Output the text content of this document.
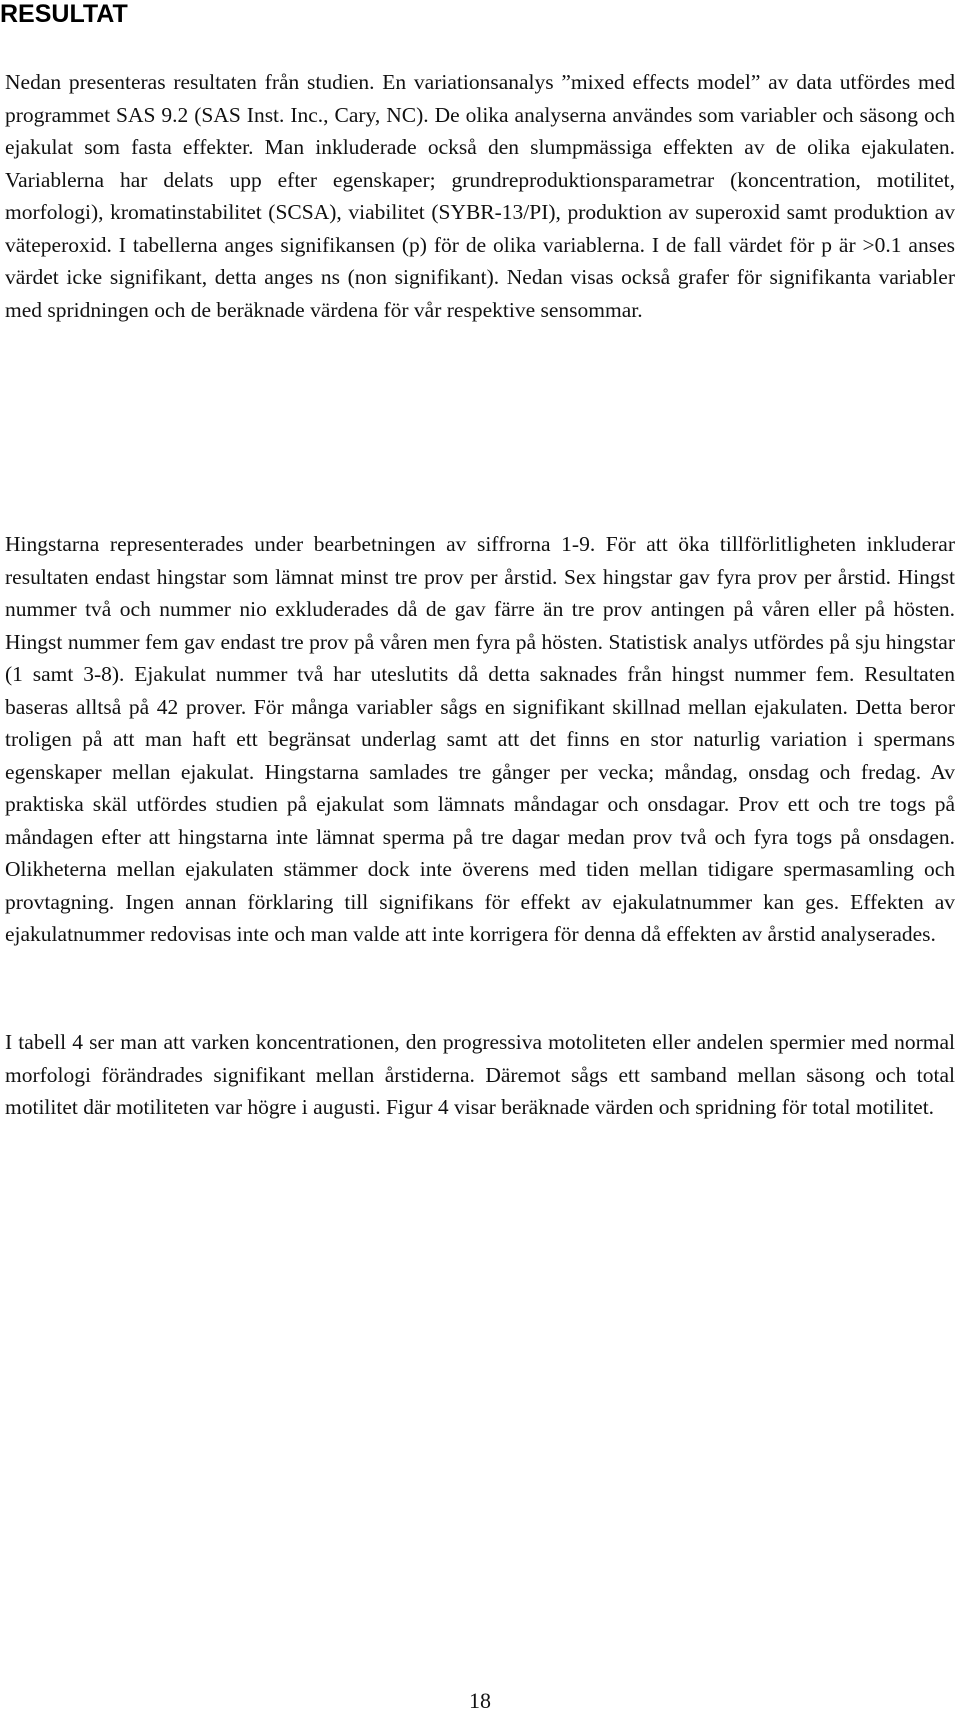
RESULTAT

Nedan presenteras resultaten från studien. En variationsanalys ”mixed effects model” av data utfördes med programmet SAS 9.2 (SAS Inst. Inc., Cary, NC). De olika analyserna användes som variabler och säsong och ejakulat som fasta effekter. Man inkluderade också den slumpmässiga effekten av de olika ejakulaten. Variablerna har delats upp efter egenskaper; grundreproduktionsparametrar (koncentration, motilitet, morfologi), kromatinstabilitet (SCSA), viabilitet (SYBR-13/PI), produktion av superoxid samt produktion av väteperoxid. I tabellerna anges signifikansen (p) för de olika variablerna. I de fall värdet för p är >0.1 anses värdet icke signifikant, detta anges ns (non signifikant). Nedan visas också grafer för signifikanta variabler med spridningen och de beräknade värdena för vår respektive sensommar.

Hingstarna representerades under bearbetningen av siffrorna 1-9. För att öka tillförlitligheten inkluderar resultaten endast hingstar som lämnat minst tre prov per årstid. Sex hingstar gav fyra prov per årstid. Hingst nummer två och nummer nio exkluderades då de gav färre än tre prov antingen på våren eller på hösten. Hingst nummer fem gav endast tre prov på våren men fyra på hösten. Statistisk analys utfördes på sju hingstar (1 samt 3-8). Ejakulat nummer två har uteslutits då detta saknades från hingst nummer fem. Resultaten baseras alltså på 42 prover. För många variabler sågs en signifikant skillnad mellan ejakulaten. Detta beror troligen på att man haft ett begränsat underlag samt att det finns en stor naturlig variation i spermans egenskaper mellan ejakulat. Hingstarna samlades tre gånger per vecka; måndag, onsdag och fredag. Av praktiska skäl utfördes studien på ejakulat som lämnats måndagar och onsdagar. Prov ett och tre togs på måndagen efter att hingstarna inte lämnat sperma på tre dagar medan prov två och fyra togs på onsdagen. Olikheterna mellan ejakulaten stämmer dock inte överens med tiden mellan tidigare spermasamling och provtagning. Ingen annan förklaring till signifikans för effekt av ejakulatnummer kan ges. Effekten av ejakulatnummer redovisas inte och man valde att inte korrigera för denna då effekten av årstid analyserades.

I tabell 4 ser man att varken koncentrationen, den progressiva motoliteten eller andelen spermier med normal morfologi förändrades signifikant mellan årstiderna. Däremot sågs ett samband mellan säsong och total motilitet där motiliteten var högre i augusti. Figur 4 visar beräknade värden och spridning för total motilitet.

18
